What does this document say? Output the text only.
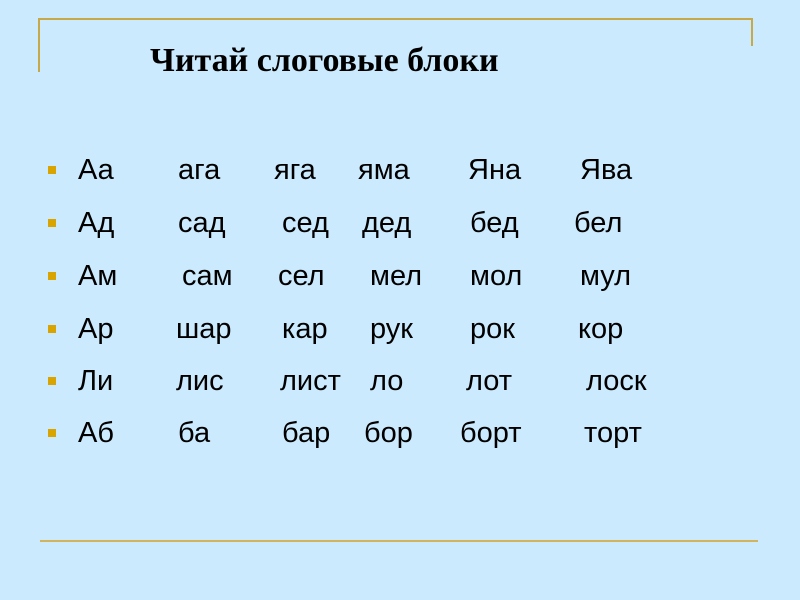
Читай слоговые блоки
Аа ага яга яма Яна Ява
Ад сад сед дед бед бел
Ам сам сел мел мол мул
Ар шар кар рук рок кор
Ли лис лист ло лот	лоск
Аб ба бар бор борт торт
